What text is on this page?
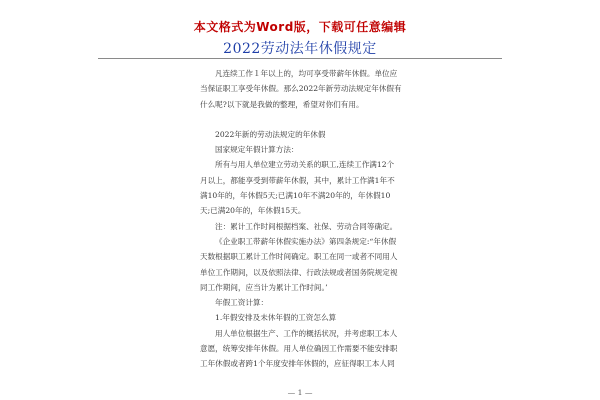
本文格式为Word版，下载可任意编辑
2022劳动法年休假规定
凡连续工作１年以上的，均可享受带薪年休假。单位应
当保证职工享受年休假。那么2022年新劳动法规定年休假有
什么呢?以下就是我做的整理，希望对你们有用。
2022年新的劳动法规定的年休假
国家规定年假计算方法：
所有与用人单位建立劳动关系的职工,连续工作满12个
月以上，都能享受到带薪年休假，其中，累计工作满1年不
满10年的，年休假5天;已满10年不满20年的，年休假10
天;已满20年的，年休假15天。
注：累计工作时间根据档案、社保、劳动合同等确定。
《企业职工带薪年休假实施办法》第四条规定:“年休假
天数根据职工累计工作时间确定。职工在同一或者不同用人
单位工作期间，以及依照法律、行政法规或者国务院规定视
同工作期间，应当计为累计工作时间。’
年假工资计算：
1.年假安排及未休年假的工资怎么算
用人单位根据生产、工作的概括状况，并考虑职工本人
意愿，统筹安排年休假。用人单位确因工作需要不能安排职
工年休假或者跨1个年度安排年休假的，应征得职工本人同
— 1 —
